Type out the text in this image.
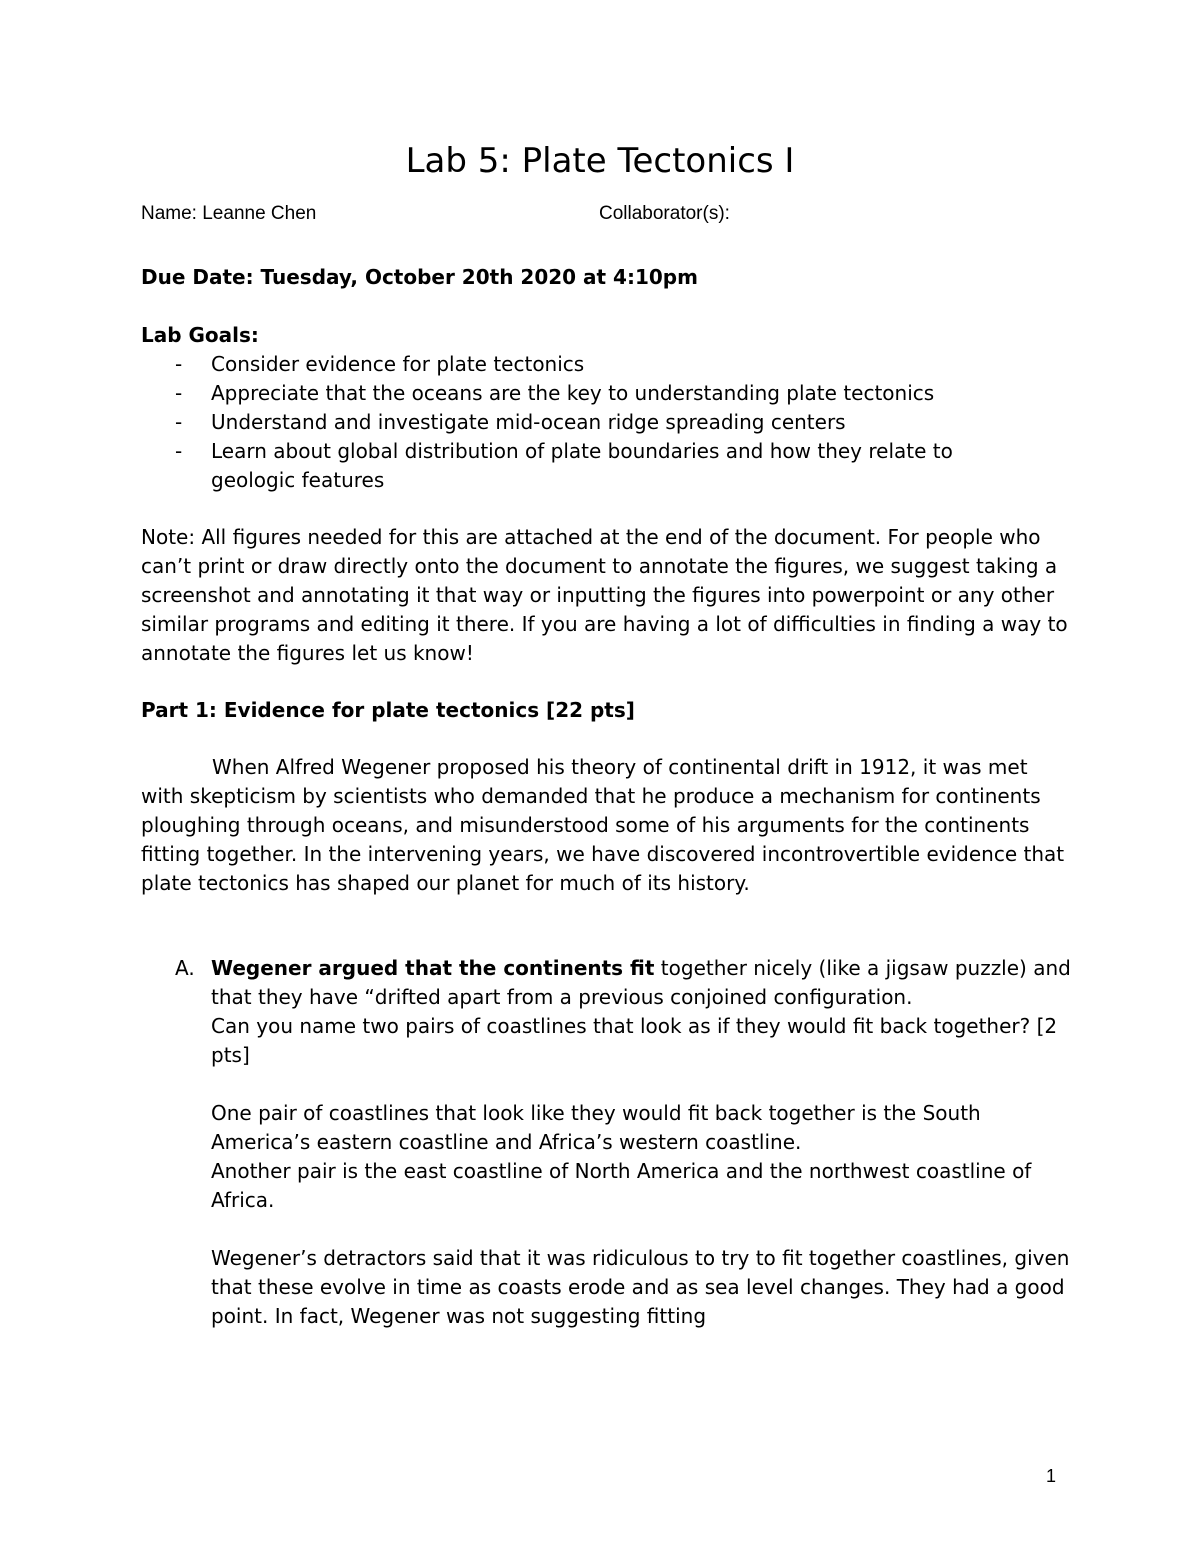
Lab 5: Plate Tectonics I
Name: Leanne Chen	Collaborator(s):
Due Date: Tuesday, October 20th 2020 at 4:10pm
Lab Goals:
- Consider evidence for plate tectonics
- Appreciate that the oceans are the key to understanding plate tectonics
- Understand and investigate mid-ocean ridge spreading centers
- Learn about global distribution of plate boundaries and how they relate to geologic features
Note: All figures needed for this are attached at the end of the document. For people who can’t print or draw directly onto the document to annotate the figures, we suggest taking a screenshot and annotating it that way or inputting the figures into powerpoint or any other similar programs and editing it there. If you are having a lot of difficulties in finding a way to annotate the figures let us know!
Part 1: Evidence for plate tectonics [22 pts]
When Alfred Wegener proposed his theory of continental drift in 1912, it was met with skepticism by scientists who demanded that he produce a mechanism for continents ploughing through oceans, and misunderstood some of his arguments for the continents fitting together. In the intervening years, we have discovered incontrovertible evidence that plate tectonics has shaped our planet for much of its history.
A. Wegener argued that the continents fit together nicely (like a jigsaw puzzle) and that they have “drifted apart from a previous conjoined configuration.
Can you name two pairs of coastlines that look as if they would fit back together? [2 pts]
One pair of coastlines that look like they would fit back together is the South America’s eastern coastline and Africa’s western coastline.
Another pair is the east coastline of North America and the northwest coastline of Africa.
Wegener’s detractors said that it was ridiculous to try to fit together coastlines, given that these evolve in time as coasts erode and as sea level changes. They had a good point. In fact, Wegener was not suggesting fitting
1
